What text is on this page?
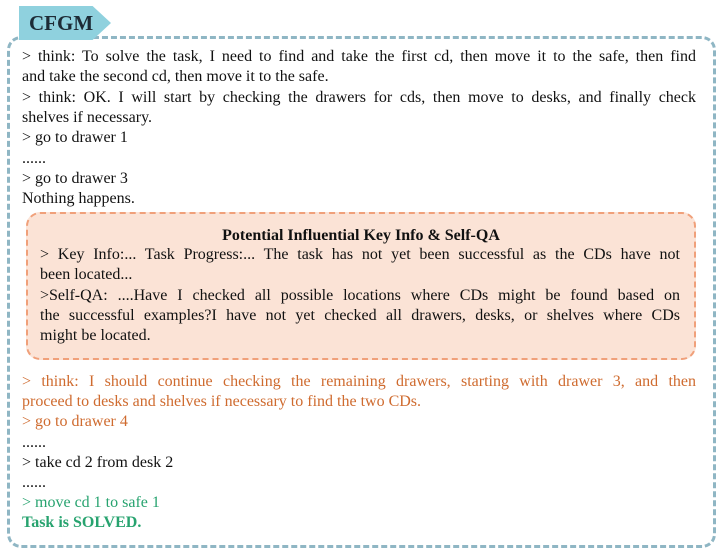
CFGM
> think: To solve the task, I need to find and take the first cd, then move it to the safe, then find
and take the second cd, then move it to the safe.
> think: OK. I will start by checking the drawers for cds, then move to desks, and finally check
shelves if necessary.
> go to drawer 1
......
> go to drawer 3
Nothing happens.
Potential Influential Key Info & Self-QA
> Key Info:... Task Progress:... The task has not yet been successful as the CDs have not
been located...
>Self-QA: ....Have I checked all possible locations where CDs might be found based on
the successful examples?I have not yet checked all drawers, desks, or shelves where CDs
might be located.
> think: I should continue checking the remaining drawers, starting with drawer 3, and then
proceed to desks and shelves if necessary to find the two CDs.
> go to drawer 4
......
> take cd 2 from desk 2
......
> move cd 1 to safe 1
Task is SOLVED.
